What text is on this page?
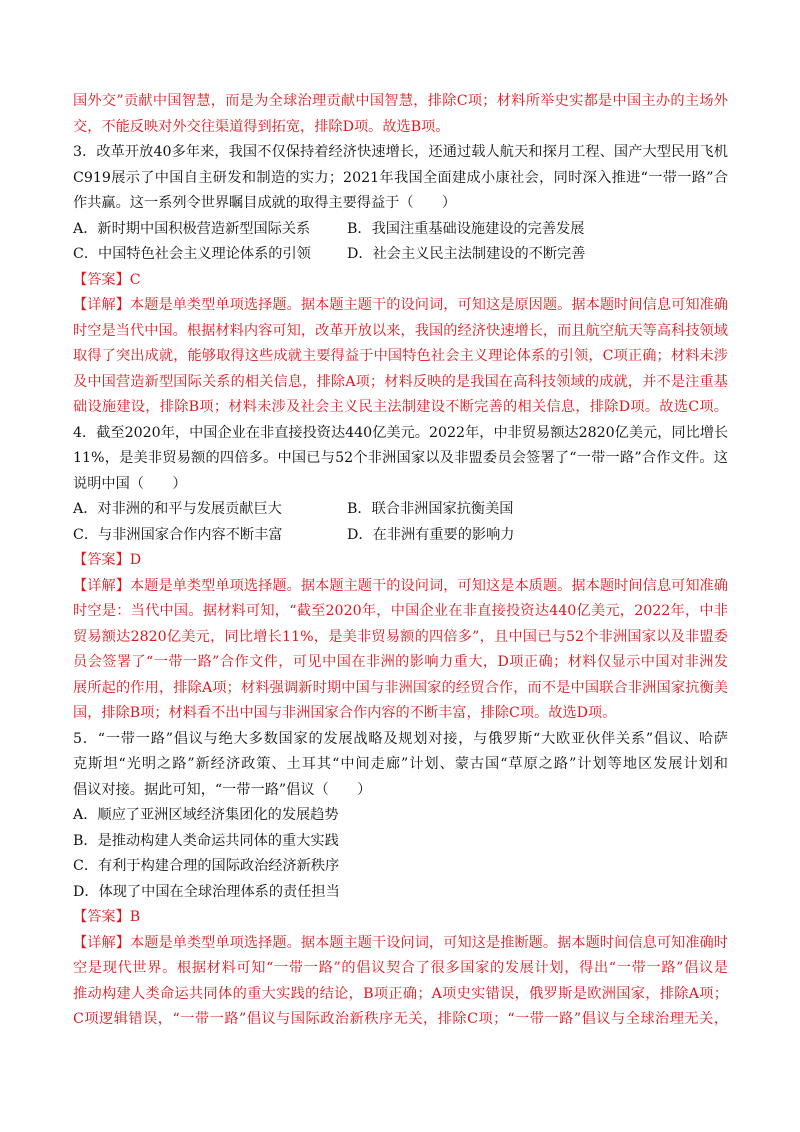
国外交”贡献中国智慧，而是为全球治理贡献中国智慧，排除C项；材料所举史实都是中国主办的主场外
交，不能反映对外交往渠道得到拓宽，排除D项。故选B项。
3．改革开放40多年来，我国不仅保持着经济快速增长，还通过载人航天和探月工程、国产大型民用飞机
C919展示了中国自主研发和制造的实力；2021年我国全面建成小康社会，同时深入推进“一带一路”合
作共赢。这一系列令世界瞩目成就的取得主要得益于（　　）
A．新时期中国积极营造新型国际关系	B．我国注重基础设施建设的完善发展
C．中国特色社会主义理论体系的引领	D．社会主义民主法制建设的不断完善
【答案】C
【详解】本题是单类型单项选择题。据本题主题干的设问词，可知这是原因题。据本题时间信息可知准确
时空是当代中国。根据材料内容可知，改革开放以来，我国的经济快速增长，而且航空航天等高科技领域
取得了突出成就，能够取得这些成就主要得益于中国特色社会主义理论体系的引领，C项正确；材料未涉
及中国营造新型国际关系的相关信息，排除A项；材料反映的是我国在高科技领域的成就，并不是注重基
础设施建设，排除B项；材料未涉及社会主义民主法制建设不断完善的相关信息，排除D项。故选C项。
4．截至2020年，中国企业在非直接投资达440亿美元。2022年，中非贸易额达2820亿美元，同比增长
11%，是美非贸易额的四倍多。中国已与52个非洲国家以及非盟委员会签署了“一带一路”合作文件。这
说明中国（　　）
A．对非洲的和平与发展贡献巨大	B．联合非洲国家抗衡美国
C．与非洲国家合作内容不断丰富	D．在非洲有重要的影响力
【答案】D
【详解】本题是单类型单项选择题。据本题主题干的设问词，可知这是本质题。据本题时间信息可知准确
时空是：当代中国。据材料可知，“截至2020年，中国企业在非直接投资达440亿美元，2022年，中非
贸易额达2820亿美元，同比增长11%，是美非贸易额的四倍多”，且中国已与52个非洲国家以及非盟委
员会签署了“一带一路”合作文件，可见中国在非洲的影响力重大，D项正确；材料仅显示中国对非洲发
展所起的作用，排除A项；材料强调新时期中国与非洲国家的经贸合作，而不是中国联合非洲国家抗衡美
国，排除B项；材料看不出中国与非洲国家合作内容的不断丰富，排除C项。故选D项。
5．“一带一路”倡议与绝大多数国家的发展战略及规划对接，与俄罗斯“大欧亚伙伴关系”倡议、哈萨
克斯坦“光明之路”新经济政策、土耳其“中间走廊”计划、蒙古国“草原之路”计划等地区发展计划和
倡议对接。据此可知，“一带一路”倡议（　　）
A．顺应了亚洲区域经济集团化的发展趋势
B．是推动构建人类命运共同体的重大实践
C．有利于构建合理的国际政治经济新秩序
D．体现了中国在全球治理体系的责任担当
【答案】B
【详解】本题是单类型单项选择题。据本题主题干设问词，可知这是推断题。据本题时间信息可知准确时
空是现代世界。根据材料可知“一带一路”的倡议契合了很多国家的发展计划，得出“一带一路”倡议是
推动构建人类命运共同体的重大实践的结论，B项正确；A项史实错误，俄罗斯是欧洲国家，排除A项；
C项逻辑错误，“一带一路”倡议与国际政治新秩序无关，排除C项；“一带一路”倡议与全球治理无关，
